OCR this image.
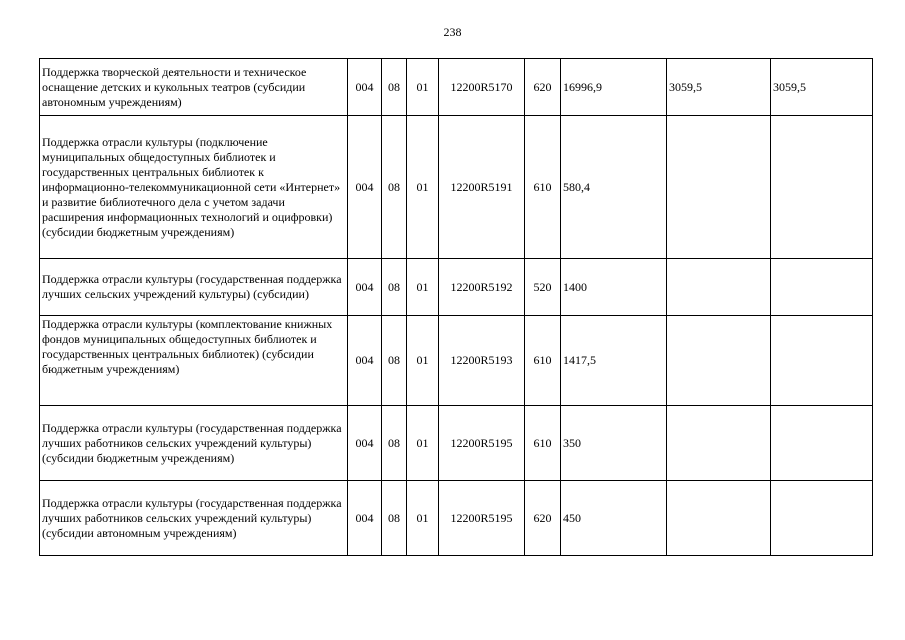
238
Поддержка творческой деятельности и техническое оснащение детских и кукольных театров (субсидии автономным учреждениям)	004	08	01	12200R5170	620	16996,9	3059,5	3059,5
Поддержка отрасли культуры (подключение муниципальных общедоступных библиотек и государственных центральных библиотек к информационно-телекоммуникационной сети «Интернет» и развитие библиотечного дела с учетом задачи расширения информационных технологий и оцифровки) (субсидии бюджетным учреждениям)	004	08	01	12200R5191	610	580,4		
Поддержка отрасли культуры (государственная поддержка лучших сельских учреждений культуры) (субсидии)	004	08	01	12200R5192	520	1400		
Поддержка отрасли культуры (комплектование книжных фондов муниципальных общедоступных библиотек и государственных центральных библиотек) (субсидии бюджетным учреждениям)	004	08	01	12200R5193	610	1417,5		
Поддержка отрасли культуры (государственная поддержка лучших работников сельских учреждений культуры) (субсидии бюджетным учреждениям)	004	08	01	12200R5195	610	350		
Поддержка отрасли культуры (государственная поддержка лучших работников сельских учреждений культуры) (субсидии автономным учреждениям)	004	08	01	12200R5195	620	450		
